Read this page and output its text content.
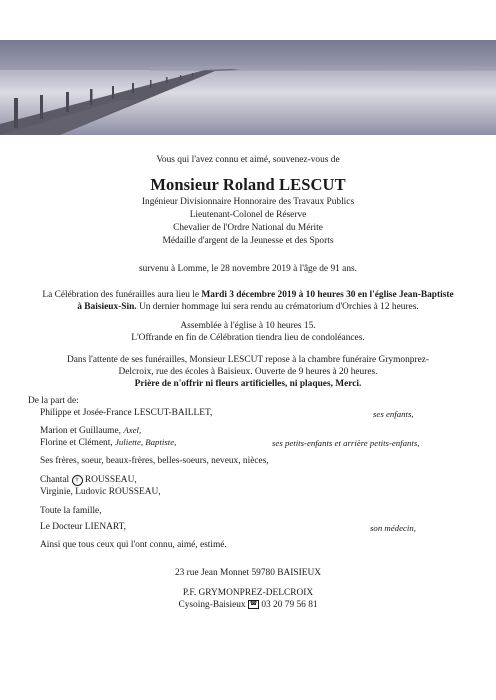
Vous qui l'avez connu et aimé, souvenez-vous de
Monsieur Roland LESCUT
Ingénieur Divisionnaire Honnoraire des Travaux Publics
Lieutenant-Colonel de Réserve
Chevalier de l'Ordre National du Mérite
Médaille d'argent de la Jeunesse et des Sports
survenu à Lomme, le 28 novembre 2019 à l'âge de 91 ans.
La Célébration des funérailles aura lieu le Mardi 3 décembre 2019 à 10 heures 30 en l'église Jean-Baptiste
à Baisieux-Sin. Un dernier hommage lui sera rendu au crématorium d'Orchies à 12 heures.
Assemblée à l'église à 10 heures 15.
L'Offrande en fin de Célébration tiendra lieu de condoléances.
Dans l'attente de ses funérailles, Monsieur LESCUT repose à la chambre funéraire Grymonprez-
Delcroix, rue des écoles à Baisieux. Ouverte de 9 heures à 20 heures.
Prière de n'offrir ni fleurs artificielles, ni plaques, Merci.
De la part de:
Philippe et Josée-France LESCUT-BAILLET,	ses enfants,
Marion et Guillaume, Axel,
Florine et Clément, Juliette, Baptiste,	ses petits-enfants et arrière petits-enfants,
Ses frères, soeur, beaux-frères, belles-soeurs, neveux, nièces,
Chantal † ROUSSEAU,
Virginie, Ludovic ROUSSEAU,
Toute la famille,
Le Docteur LIENART,	son médecin,
Ainsi que tous ceux qui l'ont connu, aimé, estimé.
23 rue Jean Monnet 59780 BAISIEUX
P.F. GRYMONPREZ-DELCROIX
Cysoing-Baisieux ☎ 03 20 79 56 81
